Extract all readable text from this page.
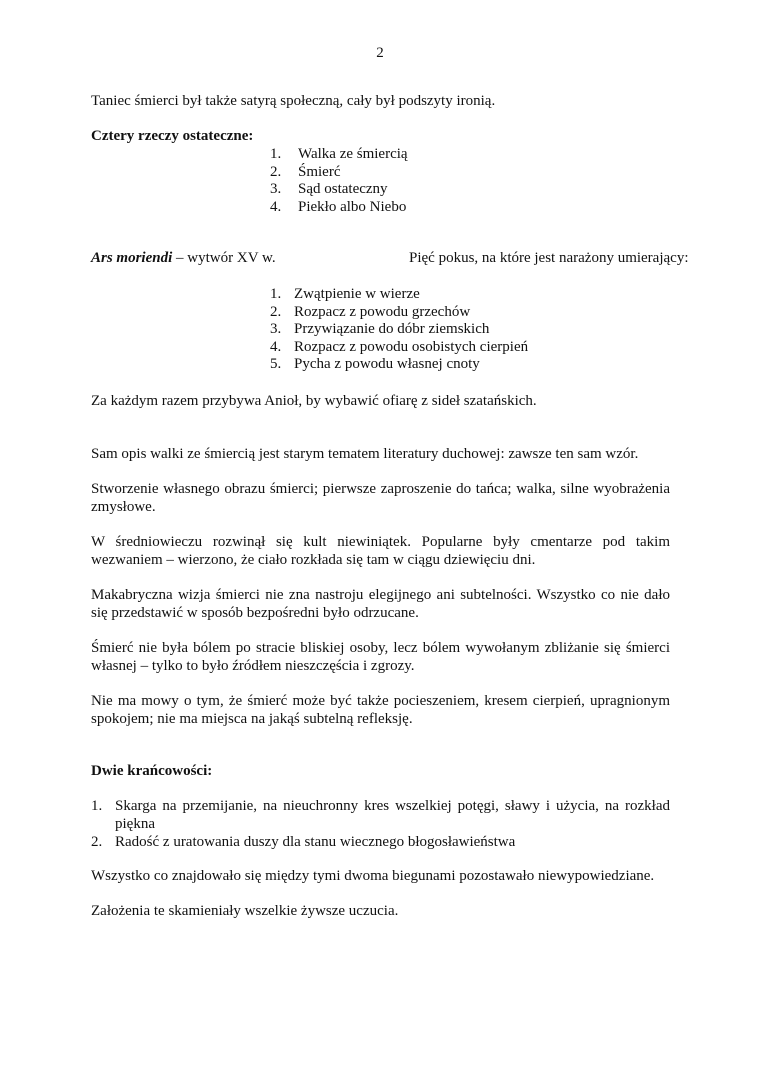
2

Taniec śmierci był także satyrą społeczną, cały był podszyty ironią.

Cztery rzeczy ostateczne:

1. Walka ze śmiercią
2. Śmierć
3. Sąd ostateczny
4. Piekło albo Niebo
Ars moriendi – wytwór XV w.	Pięć pokus, na które jest narażony umierający:
1. Zwątpienie w wierze
2. Rozpacz z powodu grzechów
3. Przywiązanie do dóbr ziemskich
4. Rozpacz z powodu osobistych cierpień
5. Pycha z powodu własnej cnoty

Za każdym razem przybywa Anioł, by wybawić ofiarę z sideł szatańskich.

Sam opis walki ze śmiercią jest starym tematem literatury duchowej: zawsze ten sam wzór.

Stworzenie własnego obrazu śmierci; pierwsze zaproszenie do tańca; walka, silne wyobrażenia zmysłowe.

W średniowieczu rozwinął się kult niewiniątek. Popularne były cmentarze pod takim wezwaniem – wierzono, że ciało rozkłada się tam w ciągu dziewięciu dni.

Makabryczna wizja śmierci nie zna nastroju elegijnego ani subtelności. Wszystko co nie dało się przedstawić w sposób bezpośredni było odrzucane.

Śmierć nie była bólem po stracie bliskiej osoby, lecz bólem wywołanym zbliżanie się śmierci własnej – tylko to było źródłem nieszczęścia i zgrozy.

Nie ma mowy o tym, że śmierć może być także pocieszeniem, kresem cierpień, upragnionym spokojem; nie ma miejsca na jakąś subtelną refleksję.

Dwie krańcowości:

1. Skarga na przemijanie, na nieuchronny kres wszelkiej potęgi, sławy i użycia, na rozkład piękna
2. Radość z uratowania duszy dla stanu wiecznego błogosławieństwa

Wszystko co znajdowało się między tymi dwoma biegunami pozostawało niewypowiedziane.

Założenia te skamieniały wszelkie żywsze uczucia.
